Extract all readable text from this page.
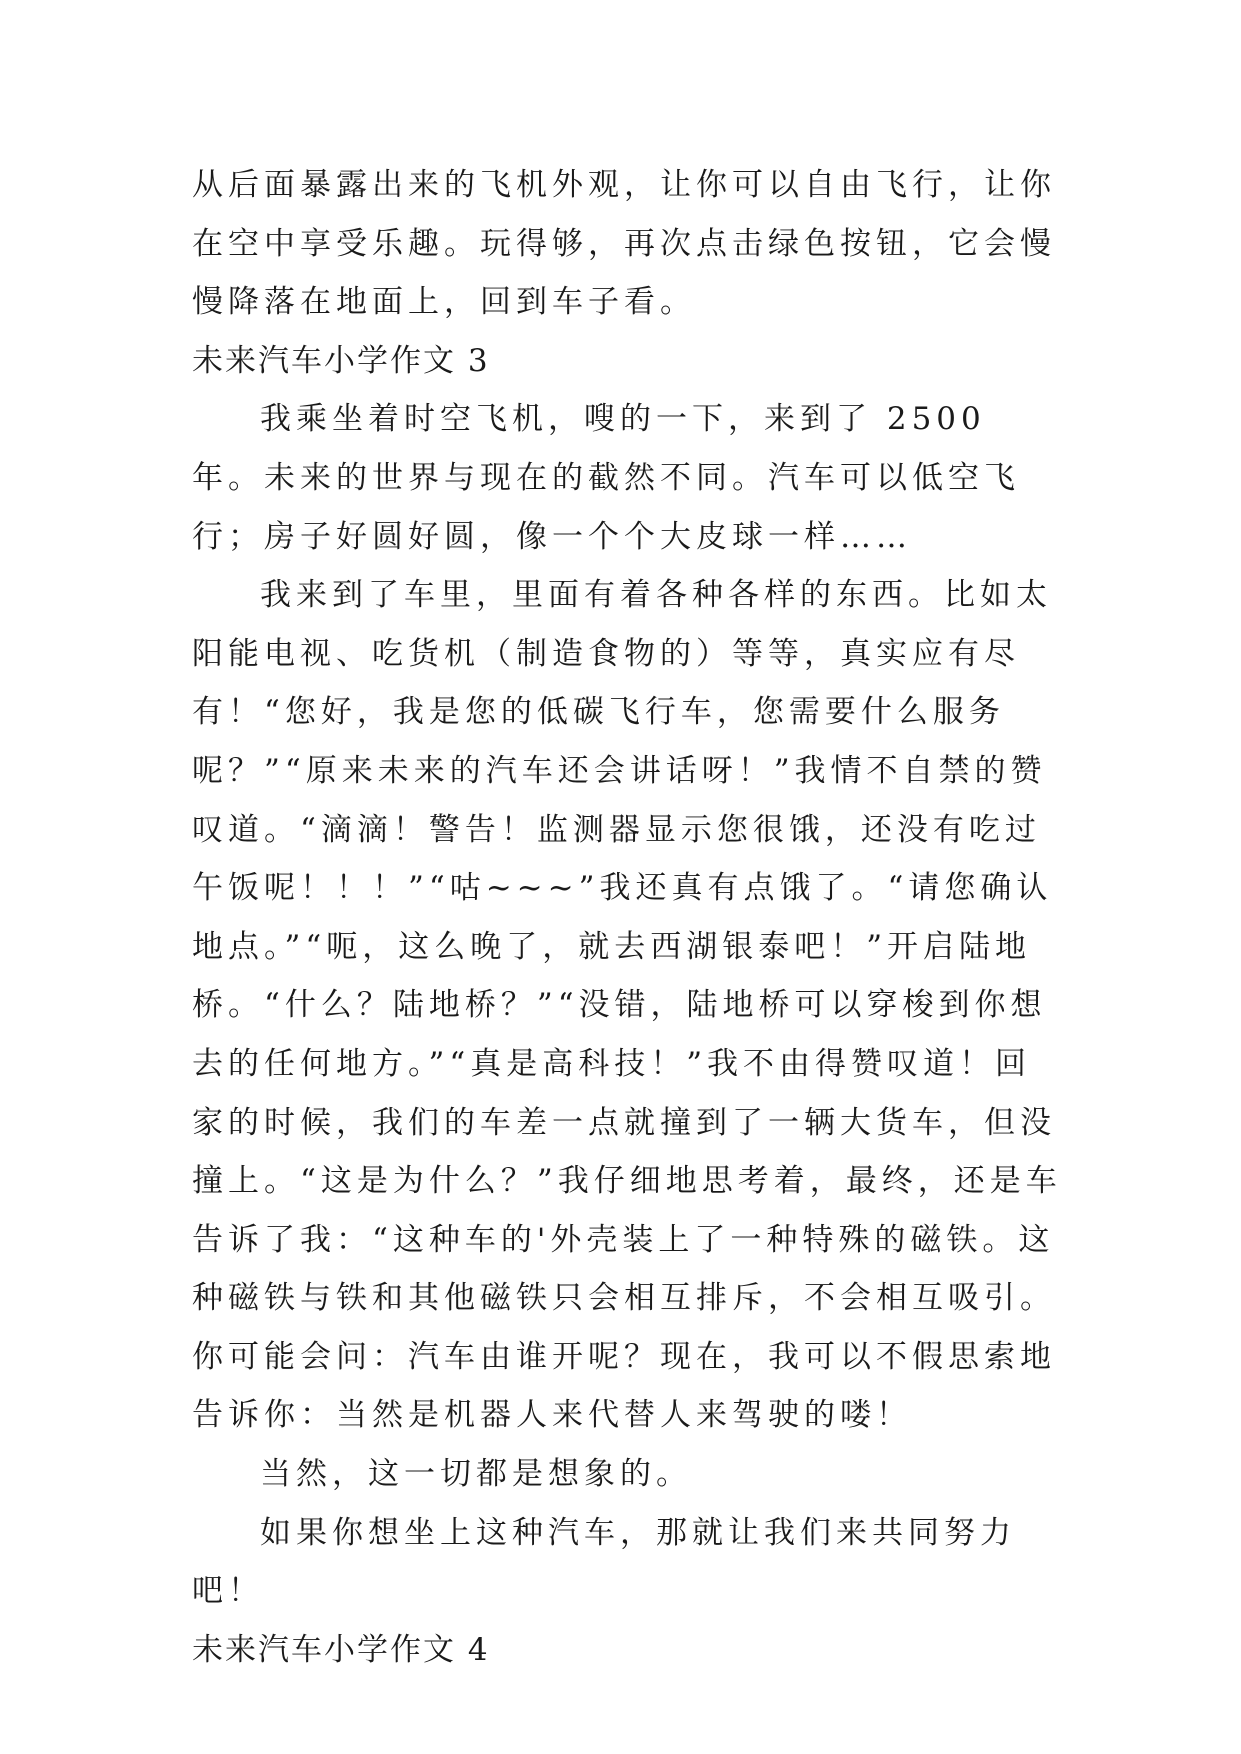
从后面暴露出来的飞机外观，让你可以自由飞行，让你在空中享受乐趣。玩得够，再次点击绿色按钮，它会慢慢降落在地面上，回到车子看。

未来汽车小学作文 3

我乘坐着时空飞机，嗖的一下，来到了 2500 年。未来的世界与现在的截然不同。汽车可以低空飞行；房子好圆好圆，像一个个大皮球一样……

我来到了车里，里面有着各种各样的东西。比如太阳能电视、吃货机（制造食物的）等等，真实应有尽有！“您好，我是您的低碳飞行车，您需要什么服务呢？”“原来未来的汽车还会讲话呀！”我情不自禁的赞叹道。“滴滴！警告！监测器显示您很饿，还没有吃过午饭呢！！！”“咕~~~”我还真有点饿了。“请您确认地点。”“呃，这么晚了，就去西湖银泰吧！”开启陆地桥。“什么？陆地桥？”“没错，陆地桥可以穿梭到你想去的任何地方。”“真是高科技！”我不由得赞叹道！回家的时候，我们的车差一点就撞到了一辆大货车，但没撞上。“这是为什么？”我仔细地思考着，最终，还是车告诉了我：“这种车的'外壳装上了一种特殊的磁铁。这种磁铁与铁和其他磁铁只会相互排斥，不会相互吸引。你可能会问：汽车由谁开呢？现在，我可以不假思索地告诉你：当然是机器人来代替人来驾驶的喽！

当然，这一切都是想象的。

如果你想坐上这种汽车，那就让我们来共同努力吧！

未来汽车小学作文 4
